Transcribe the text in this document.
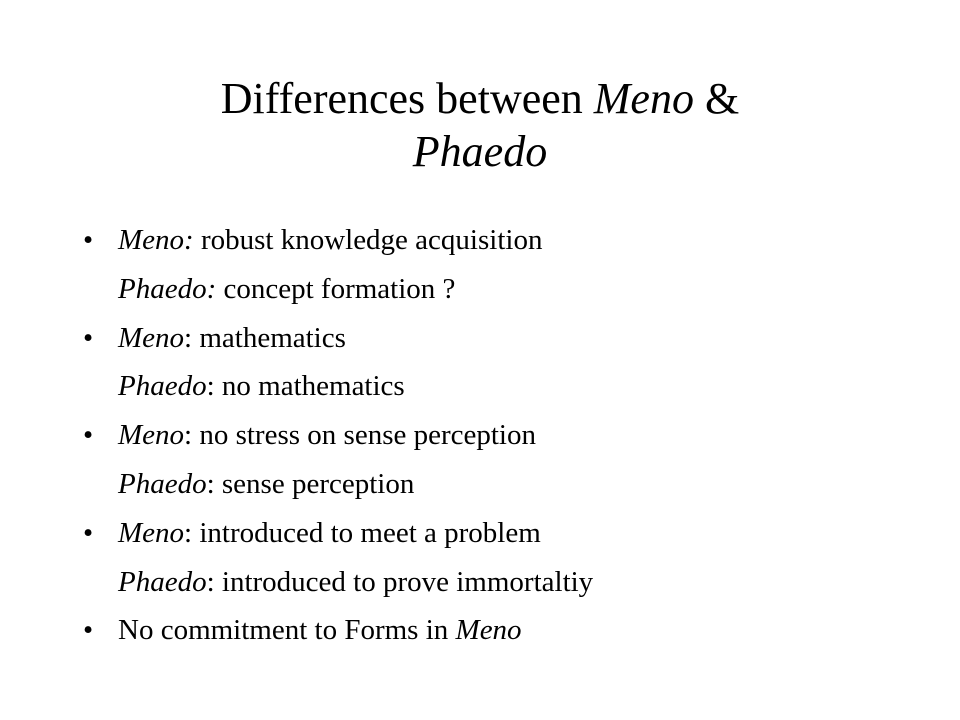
Differences between Meno &
Phaedo
• Meno: robust knowledge acquisition
Phaedo: concept formation ?
• Meno: mathematics
Phaedo: no mathematics
• Meno: no stress on sense perception
Phaedo: sense perception
• Meno: introduced to meet a problem
Phaedo: introduced to prove immortaltiy
• No commitment to Forms in Meno
